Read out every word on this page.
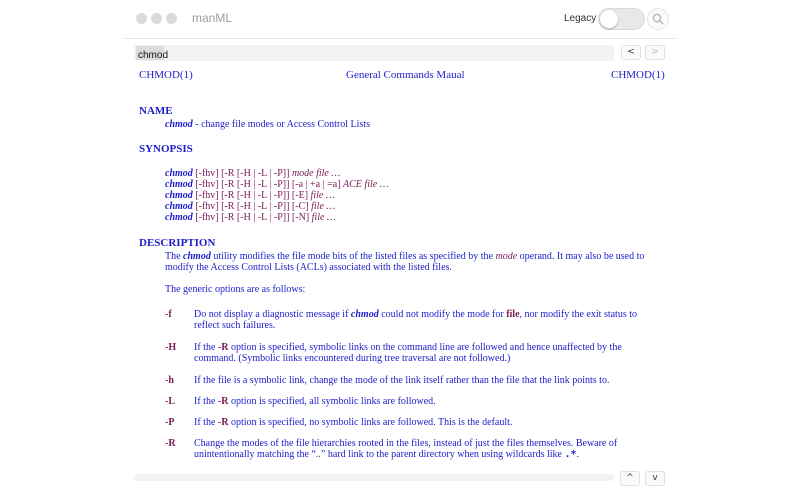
manML	Legacy
chmod
<	>
CHMOD(1)	General Commands Maual	CHMOD(1)
NAME
chmod - change file modes or Access Control Lists
SYNOPSIS
chmod [-fhv] [-R [-H | -L | -P]] mode file …
chmod [-fhv] [-R [-H | -L | -P]] [-a | +a | =a] ACE file …
chmod [-fhv] [-R [-H | -L | -P]] [-E] file …
chmod [-fhv] [-R [-H | -L | -P]] [-C] file …
chmod [-fhv] [-R [-H | -L | -P]] [-N] file …
DESCRIPTION
The chmod utility modifies the file mode bits of the listed files as specified by the mode operand. It may also be used to
modify the Access Control Lists (ACLs) associated with the listed files.
The generic options are as follows:
-f Do not display a diagnostic message if chmod could not modify the mode for file, nor modify the exit status to
reflect such failures.
-H If the -R option is specified, symbolic links on the command line are followed and hence unaffected by the
command. (Symbolic links encountered during tree traversal are not followed.)
-h If the file is a symbolic link, change the mode of the link itself rather than the file that the link points to.
-L If the -R option is specified, all symbolic links are followed.
-P If the -R option is specified, no symbolic links are followed. This is the default.
-R Change the modes of the file hierarchies rooted in the files, instead of just the files themselves. Beware of
unintentionally matching the “..” hard link to the parent directory when using wildcards like .*.
^	v
